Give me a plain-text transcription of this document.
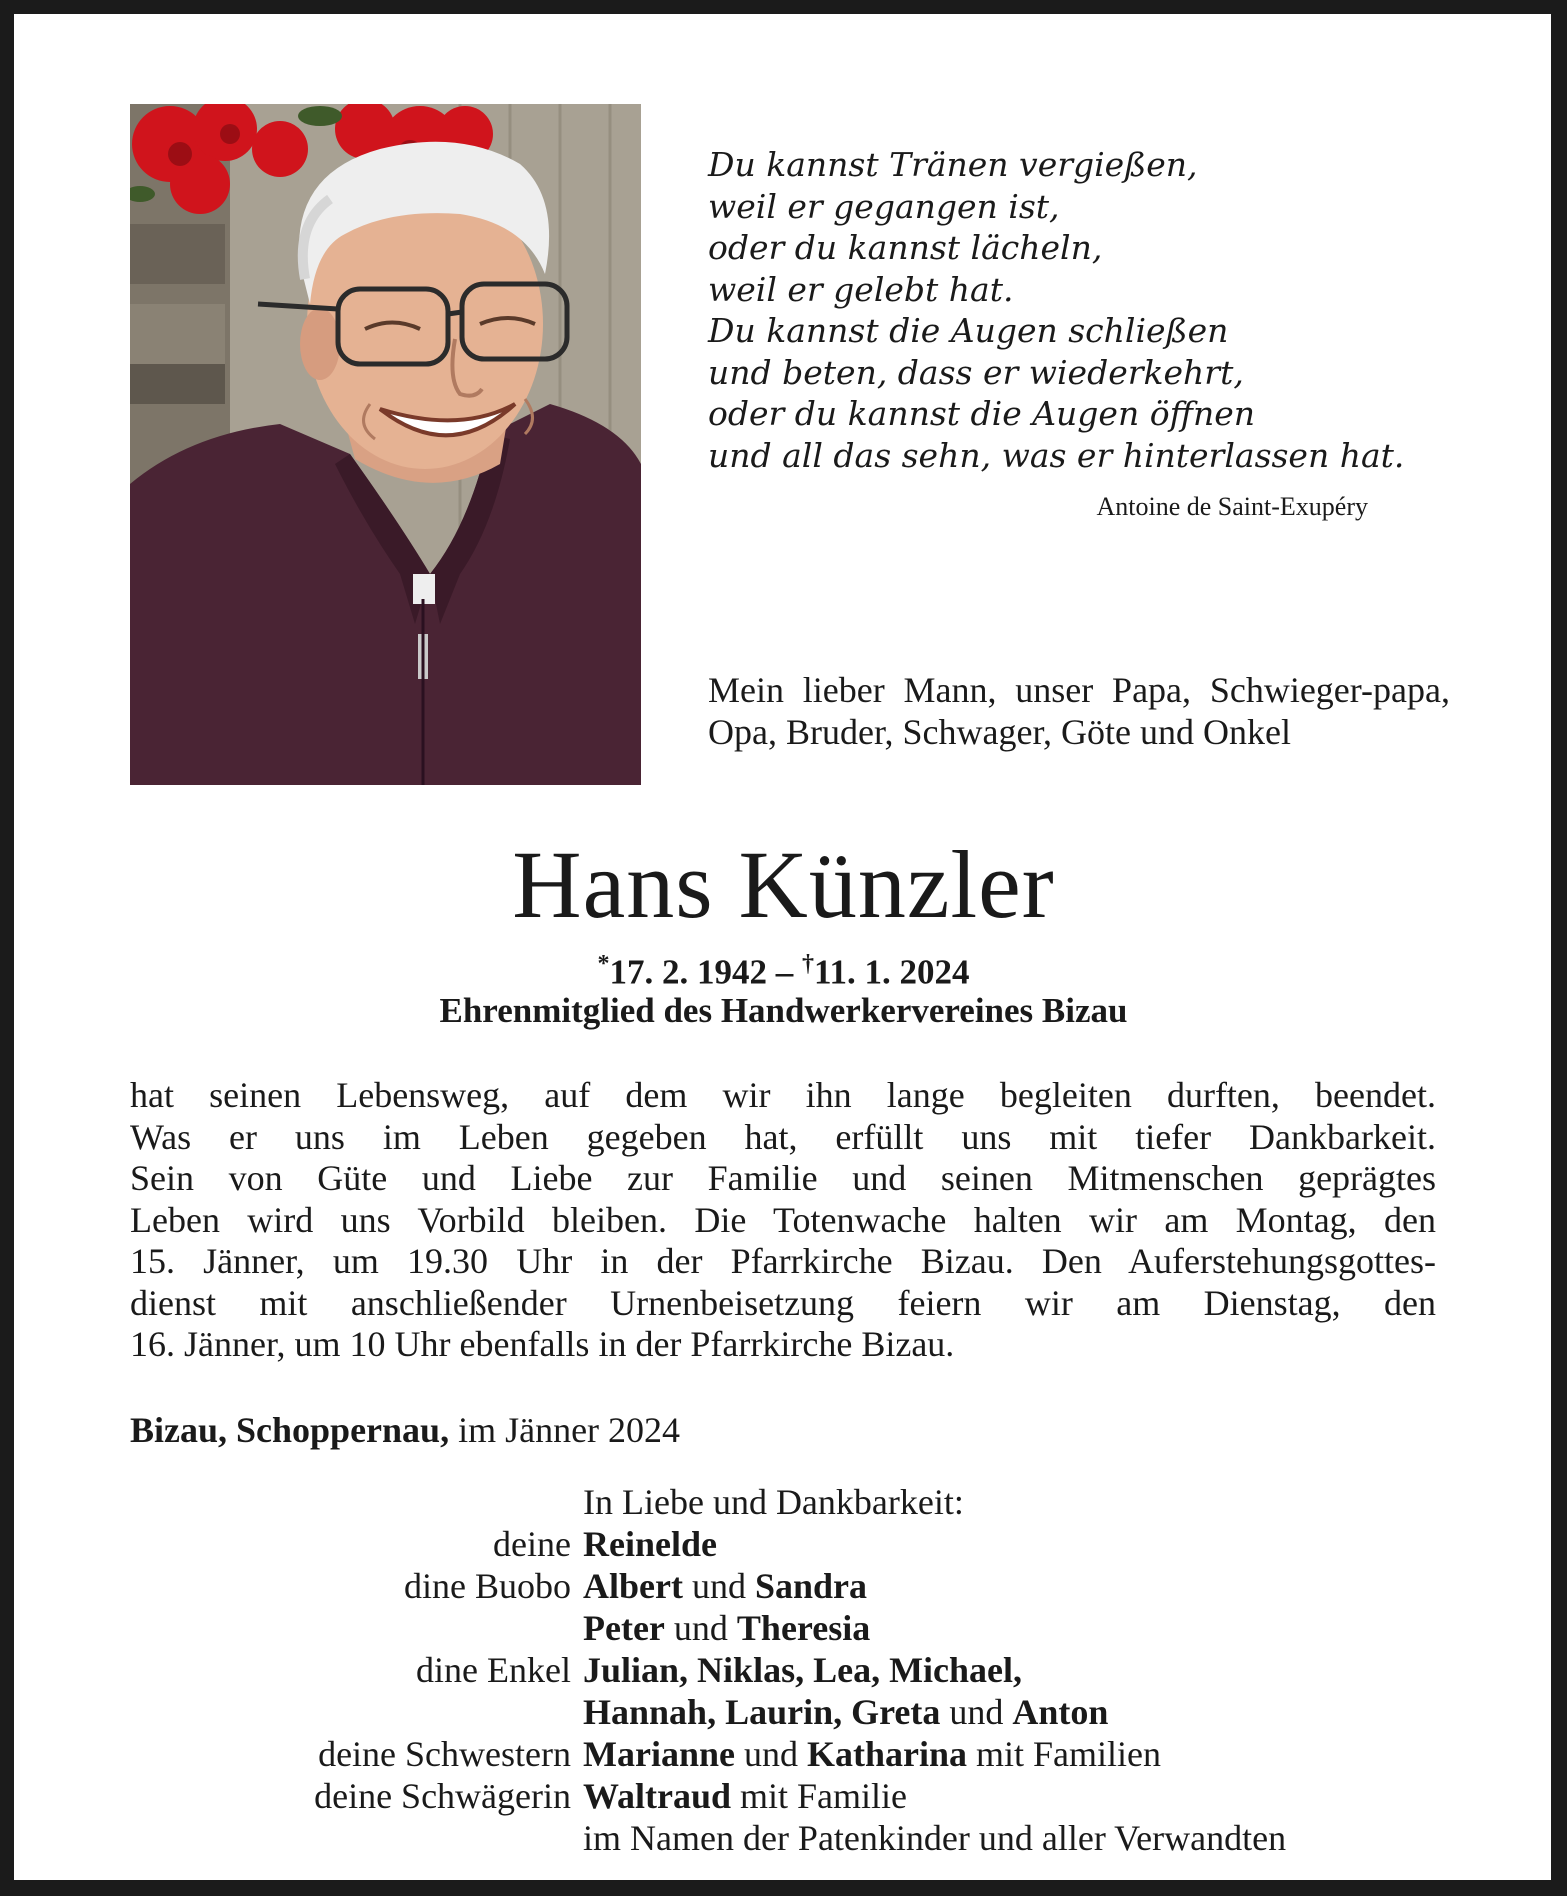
Du kannst Tränen vergießen,
weil er gegangen ist,
oder du kannst lächeln,
weil er gelebt hat.
Du kannst die Augen schließen
und beten, dass er wiederkehrt,
oder du kannst die Augen öffnen
und all das sehn, was er hinterlassen hat.
Antoine de Saint-Exupéry
Mein lieber Mann, unser Papa, Schwieger-papa, Opa, Bruder, Schwager, Göte und Onkel
Hans Künzler
*17. 2. 1942 – †11. 1. 2024
Ehrenmitglied des Handwerkervereines Bizau
hat seinen Lebensweg, auf dem wir ihn lange begleiten durften, beendet.
Was er uns im Leben gegeben hat, erfüllt uns mit tiefer Dankbarkeit.
Sein von Güte und Liebe zur Familie und seinen Mitmenschen geprägtes
Leben wird uns Vorbild bleiben. Die Totenwache halten wir am Montag, den
15. Jänner, um 19.30 Uhr in der Pfarrkirche Bizau. Den Auferstehungsgottes-
dienst mit anschließender Urnenbeisetzung feiern wir am Dienstag, den
16. Jänner, um 10 Uhr ebenfalls in der Pfarrkirche Bizau.
Bizau, Schoppernau, im Jänner 2024
In Liebe und Dankbarkeit:
deine Reinelde
dine Buobo Albert und Sandra
Peter und Theresia
dine Enkel Julian, Niklas, Lea, Michael,
Hannah, Laurin, Greta und Anton
deine Schwestern Marianne und Katharina mit Familien
deine Schwägerin Waltraud mit Familie
im Namen der Patenkinder und aller Verwandten
